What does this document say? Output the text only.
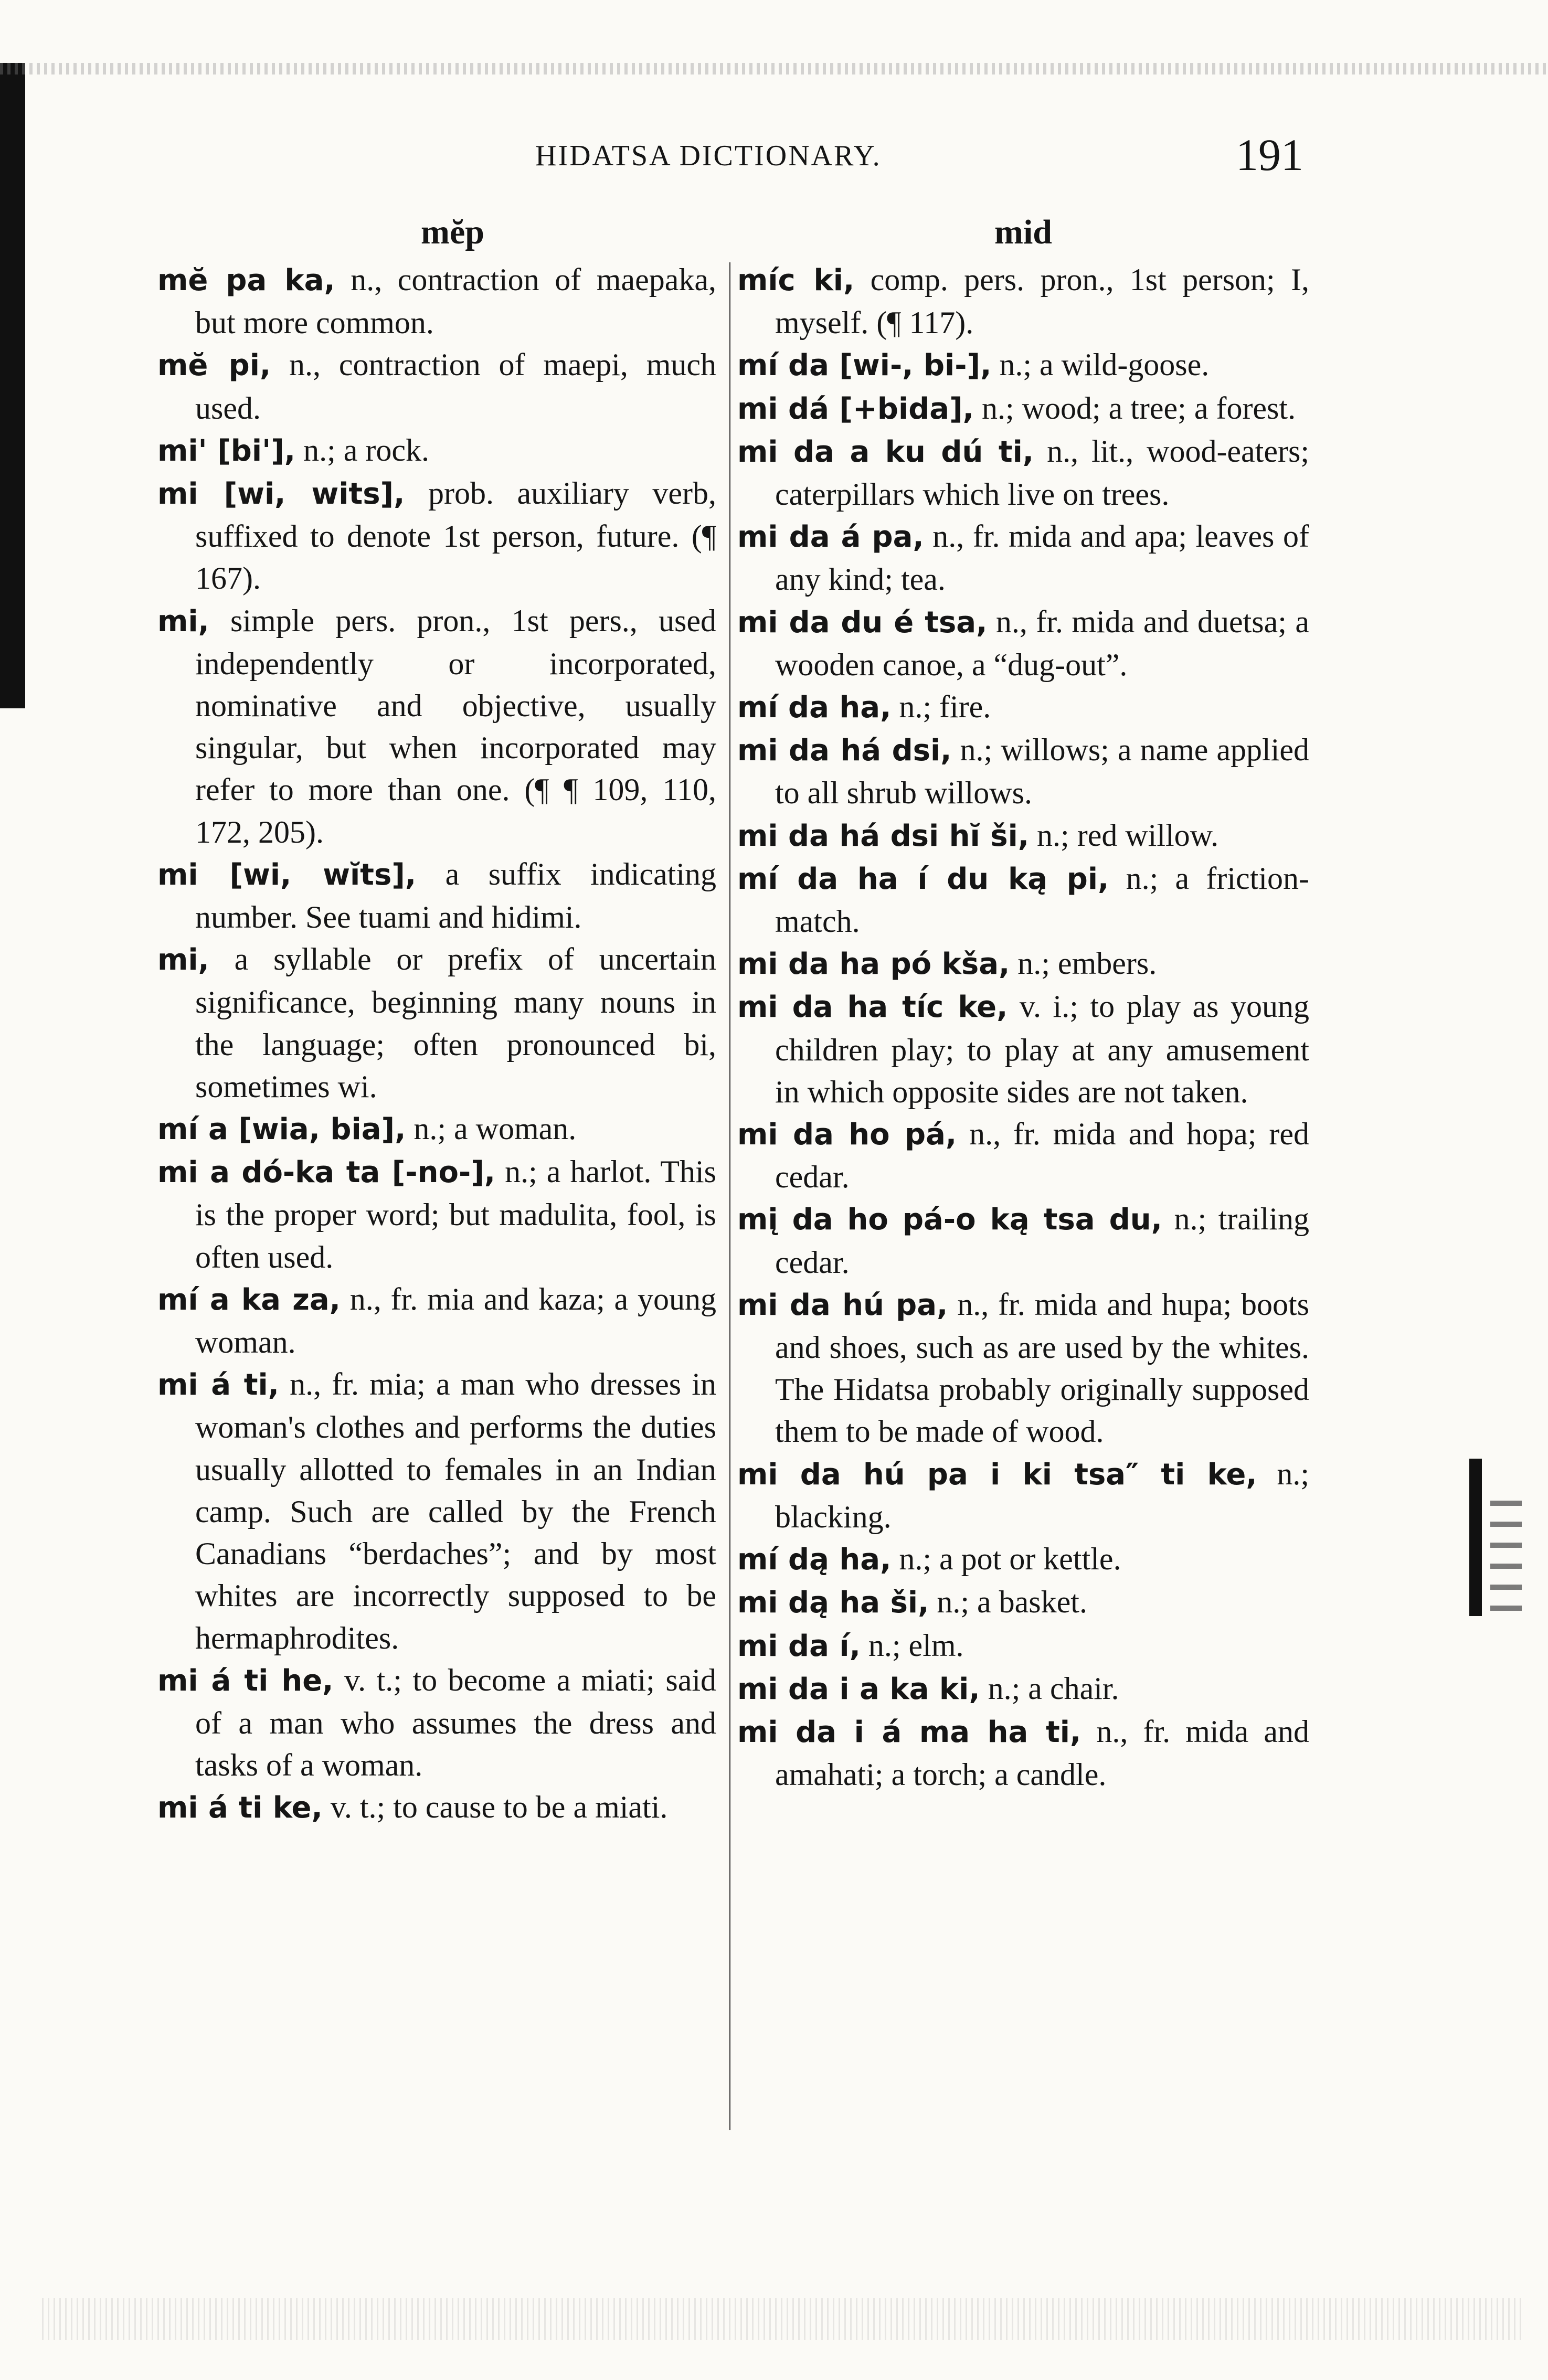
HIDATSA DICTIONARY.	191
mĕp
mĕ pa ka, n., contraction of maepaka, but more common.
mĕ pi, n., contraction of maepi, much used.
mi' [bi'], n.; a rock.
mi [wi, wits], prob. auxiliary verb, suffixed to denote 1st person, future. (¶ 167).
mi, simple pers. pron., 1st pers., used independently or incorporated, nominative and objective, usually singular, but when incorporated may refer to more than one. (¶ ¶ 109, 110, 172, 205).
mi [wi, wĭts], a suffix indicating number. See tuami and hidimi.
mi, a syllable or prefix of uncertain significance, beginning many nouns in the language; often pronounced bi, sometimes wi.
mí a [wia, bia], n.; a woman.
mi a dó-ka ta [-no-], n.; a harlot. This is the proper word; but madulita, fool, is often used.
mí a ka za, n., fr. mia and kaza; a young woman.
mi á ti, n., fr. mia; a man who dresses in woman's clothes and performs the duties usually allotted to females in an Indian camp. Such are called by the French Canadians “berdaches”; and by most whites are incorrectly supposed to be hermaphrodites.
mi á ti he, v. t.; to become a miati; said of a man who assumes the dress and tasks of a woman.
mi á ti ke, v. t.; to cause to be a miati.
mid
míc ki, comp. pers. pron., 1st person; I, myself. (¶ 117).
mí da [wi-, bi-], n.; a wild-goose.
mi dá [+bida], n.; wood; a tree; a forest.
mi da a ku dú ti, n., lit., wood-eaters; caterpillars which live on trees.
mi da á pa, n., fr. mida and apa; leaves of any kind; tea.
mi da du é tsa, n., fr. mida and duetsa; a wooden canoe, a “dug-out”.
mí da ha, n.; fire.
mi da há dsi, n.; willows; a name applied to all shrub willows.
mi da há dsi hĭ ši, n.; red willow.
mí da ha í du ką pi, n.; a friction-match.
mi da ha pó kša, n.; embers.
mi da ha tíc ke, v. i.; to play as young children play; to play at any amusement in which opposite sides are not taken.
mi da ho pá, n., fr. mida and hopa; red cedar.
mį da ho pá-o ką tsa du, n.; trailing cedar.
mi da hú pa, n., fr. mida and hupa; boots and shoes, such as are used by the whites. The Hidatsa probably originally supposed them to be made of wood.
mi da hú pa i ki tsa″ ti ke, n.; blacking.
mí dą ha, n.; a pot or kettle.
mi dą ha ši, n.; a basket.
mi da í, n.; elm.
mi da i a ka ki, n.; a chair.
mi da i á ma ha ti, n., fr. mida and amahati; a torch; a candle.
